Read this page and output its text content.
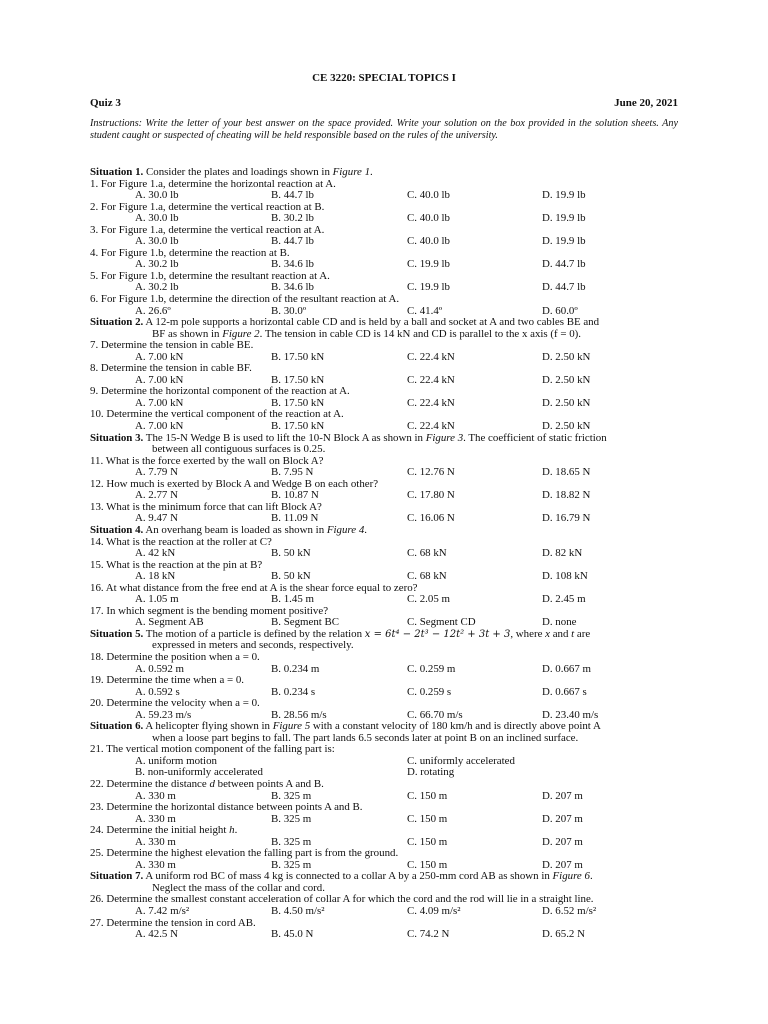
CE 3220: SPECIAL TOPICS I
Quiz 3	June 20, 2021
Instructions: Write the letter of your best answer on the space provided. Write your solution on the box provided in the solution sheets. Any student caught or suspected of cheating will be held responsible based on the rules of the university.
Situation 1. Consider the plates and loadings shown in Figure 1.
1. For Figure 1.a, determine the horizontal reaction at A.
A. 30.0 lb	B. 44.7 lb	C. 40.0 lb	D. 19.9 lb
2. For Figure 1.a, determine the vertical reaction at B.
A. 30.0 lb	B. 30.2 lb	C. 40.0 lb	D. 19.9 lb
3. For Figure 1.a, determine the vertical reaction at A.
A. 30.0 lb	B. 44.7 lb	C. 40.0 lb	D. 19.9 lb
4. For Figure 1.b, determine the reaction at B.
A. 30.2 lb	B. 34.6 lb	C. 19.9 lb	D. 44.7 lb
5. For Figure 1.b, determine the resultant reaction at A.
A. 30.2 lb	B. 34.6 lb	C. 19.9 lb	D. 44.7 lb
6. For Figure 1.b, determine the direction of the resultant reaction at A.
A. 26.6º	B. 30.0º	C. 41.4º	D. 60.0º
Situation 2. A 12-m pole supports a horizontal cable CD and is held by a ball and socket at A and two cables BE and
BF as shown in Figure 2. The tension in cable CD is 14 kN and CD is parallel to the x axis (f = 0).
7. Determine the tension in cable BE.
A. 7.00 kN	B. 17.50 kN	C. 22.4 kN	D. 2.50 kN
8. Determine the tension in cable BF.
A. 7.00 kN	B. 17.50 kN	C. 22.4 kN	D. 2.50 kN
9. Determine the horizontal component of the reaction at A.
A. 7.00 kN	B. 17.50 kN	C. 22.4 kN	D. 2.50 kN
10. Determine the vertical component of the reaction at A.
A. 7.00 kN	B. 17.50 kN	C. 22.4 kN	D. 2.50 kN
Situation 3. The 15-N Wedge B is used to lift the 10-N Block A as shown in Figure 3. The coefficient of static friction
between all contiguous surfaces is 0.25.
11. What is the force exerted by the wall on Block A?
A. 7.79 N	B. 7.95 N	C. 12.76 N	D. 18.65 N
12. How much is exerted by Block A and Wedge B on each other?
A. 2.77 N	B. 10.87 N	C. 17.80 N	D. 18.82 N
13. What is the minimum force that can lift Block A?
A. 9.47 N	B. 11.09 N	C. 16.06 N	D. 16.79 N
Situation 4. An overhang beam is loaded as shown in Figure 4.
14. What is the reaction at the roller at C?
A. 42 kN	B. 50 kN	C. 68 kN	D. 82 kN
15. What is the reaction at the pin at B?
A. 18 kN	B. 50 kN	C. 68 kN	D. 108 kN
16. At what distance from the free end at A is the shear force equal to zero?
A. 1.05 m	B. 1.45 m	C. 2.05 m	D. 2.45 m
17. In which segment is the bending moment positive?
A. Segment AB	B. Segment BC	C. Segment CD	D. none
Situation 5. The motion of a particle is defined by the relation x = 6t⁴ − 2t³ − 12t² + 3t + 3, where x and t are
expressed in meters and seconds, respectively.
18. Determine the position when a = 0.
A. 0.592 m	B. 0.234 m	C. 0.259 m	D. 0.667 m
19. Determine the time when a = 0.
A. 0.592 s	B. 0.234 s	C. 0.259 s	D. 0.667 s
20. Determine the velocity when a = 0.
A. 59.23 m/s	B. 28.56 m/s	C. 66.70 m/s	D. 23.40 m/s
Situation 6. A helicopter flying shown in Figure 5 with a constant velocity of 180 km/h and is directly above point A
when a loose part begins to fall. The part lands 6.5 seconds later at point B on an inclined surface.
21. The vertical motion component of the falling part is:
A. uniform motion	C. uniformly accelerated
B. non-uniformly accelerated	D. rotating
22. Determine the distance d between points A and B.
A. 330 m	B. 325 m	C. 150 m	D. 207 m
23. Determine the horizontal distance between points A and B.
A. 330 m	B. 325 m	C. 150 m	D. 207 m
24. Determine the initial height h.
A. 330 m	B. 325 m	C. 150 m	D. 207 m
25. Determine the highest elevation the falling part is from the ground.
A. 330 m	B. 325 m	C. 150 m	D. 207 m
Situation 7. A uniform rod BC of mass 4 kg is connected to a collar A by a 250-mm cord AB as shown in Figure 6.
Neglect the mass of the collar and cord.
26. Determine the smallest constant acceleration of collar A for which the cord and the rod will lie in a straight line.
A. 7.42 m/s²	B. 4.50 m/s²	C. 4.09 m/s²	D. 6.52 m/s²
27. Determine the tension in cord AB.
A. 42.5 N	B. 45.0 N	C. 74.2 N	D. 65.2 N
